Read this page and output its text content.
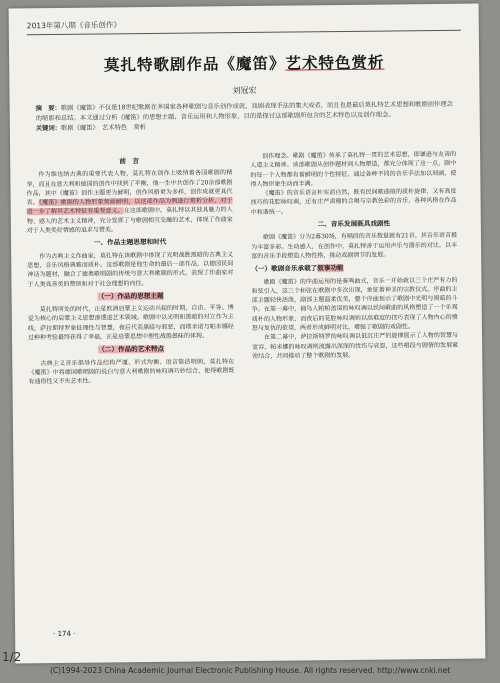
2013年第八期《音乐创作》
莫扎特歌剧作品《魔笛》艺术特色赏析
刘冠宏
摘　要：歌剧《魔笛》不仅是18世纪歌剧在多国家各种歌剧与音乐创作成就、戏剧表现手法的集大成者，而且也是最后莫扎特艺术思想和歌剧创作理念的缩影和总结。本文通过分析《魔笛》的思想主题、音乐运用和人物形象，目的是探讨这部歌剧所包含的艺术特色以及创作理念。
关键词：歌剧《魔笛》　艺术特色　赏析
前　言

作为维也纳古典的重要代表人物，莫扎特在创作上吸纳着各国歌剧的精华，而且在意大利和德国的创作中找到了平衡，他一生中共创作了20余部歌剧作品，其中《魔笛》创作主题更为鲜明，创作风格更为多样，创作成就更具代表。《魔笛》歌剧的人物形象刻画鲜明，以这部作品为例进行赏析分析，对于进一步了解其艺术特征有重要意义。在这部歌剧中，莫扎特以其独具魅力的人物、感人的艺术主义精神，充分发挥了与歌剧相互交融的艺术，体现了作曲家对于人类美好情感的追求与赞美。

一、作品主题思想和时代

作为古典主义作曲家，莫扎特在该歌剧中体现了光明战胜黑暗的古典主义思想，音乐风格典雅而质朴。这部歌剧是他生命的最后一部作品，以德国民间神话为题材，融合了德奥歌唱剧的传统与意大利歌剧的形式，表现了作曲家对于人类真善美的赞颂和对于社会理想的向往。

（一）作品的思想主题

莫扎特所处的时代，正是欧洲启蒙主义运动兴起的时期，自由、平等、博爱为核心的启蒙主义思想渗透进艺术领域。歌剧中以光明和黑暗的对立作为主线，萨拉斯特罗象征理性与智慧，夜后代表黑暗与邪恶，而塔米诺与帕米娜经过种种考验最终获得了幸福，正是启蒙思想中理性战胜愚昧的体现。

（二）作品的艺术特点

古典主义音乐倡导作品结构严谨、形式均衡、语言简洁明朗，莫扎特在《魔笛》中将德国歌唱剧的说白与意大利歌剧的咏叹调巧妙结合，使得歌剧既有通俗性又不失艺术性。

创作理念。歌剧《魔笛》传承了莫扎特一贯的艺术思想，即谦逊与友善的人道主义精神。该部歌剧从创作题材到人物塑造，都充分体现了这一点，剧中的每一个人物都有着鲜明的个性特征，通过各种不同的音乐手法加以刻画，使得人物形象生动而丰满。

《魔笛》的音乐语言朴实而自然，既有民间歌曲般的质朴旋律，又有高度技巧的花腔咏叹调，还有庄严肃穆的合唱与宗教色彩的音乐，各种风格在作品中和谐统一。

二、音乐发展既具戏剧性

歌剧《魔笛》分为2幕30场，有唱段的音乐数量就有21首，其音乐语言极为丰富多彩。生动感人，在创作中，莫扎特善于运用声乐与器乐的对比，以丰富的音乐手段塑造人物性格，推动戏剧情节的发展。

（一）歌剧音乐承载了叙事功能

歌剧《魔笛》的序曲运用的是奏鸣曲式，音乐一开始就以三个庄严有力的和弦引入，这三个和弦在歌剧中多次出现，象征着神圣的宗教仪式。序曲的主部主题轻快活泼，副部主题温柔优美，整个序曲预示了歌剧中光明与黑暗的斗争。在第一幕中，捕鸟人帕帕盖诺的咏叹调以民间歌曲的风格塑造了一个乐观质朴的人物形象，而夜后的花腔咏叹调则以高难度的技巧表现了人物内心的愤怒与复仇的欲望，两者形成鲜明对比，增强了歌剧的戏剧性。

在第二幕中，萨拉斯特罗的咏叹调以低沉庄严的旋律展示了人物的智慧与宽容，帕米娜的咏叹调则流露出深深的忧伤与哀怨，这些唱段与剧情的发展紧密结合，共同推动了整个歌剧的发展。

· 174 ·
1/2
(C)1994-2023 China Academic Journal Electronic Publishing House. All rights reserved. http://www.cnki.net
